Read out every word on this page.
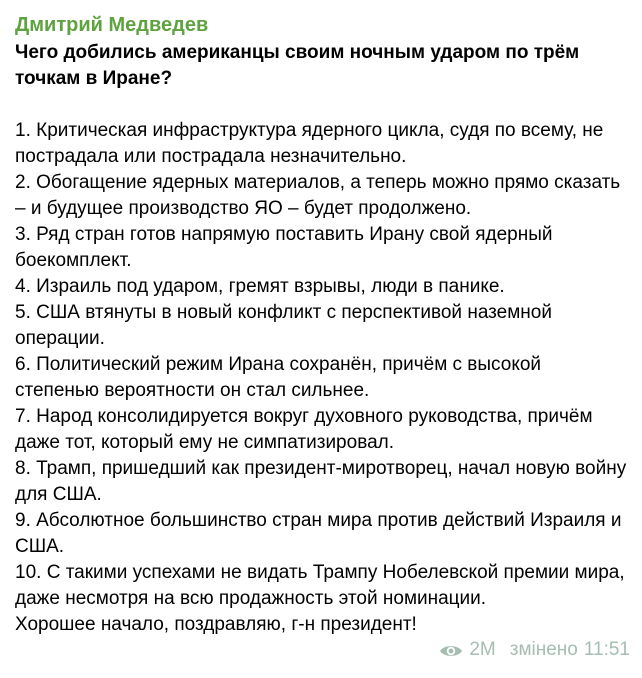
Дмитрий Медведев
Чего добились американцы своим ночным ударом по трём точкам в Иране?
1. Критическая инфраструктура ядерного цикла, судя по всему, не пострадала или пострадала незначительно.
2. Обогащение ядерных материалов, а теперь можно прямо сказать – и будущее производство ЯО – будет продолжено.
3. Ряд стран готов напрямую поставить Ирану свой ядерный боекомплект.
4. Израиль под ударом, гремят взрывы, люди в панике.
5. США втянуты в новый конфликт с перспективой наземной операции.
6. Политический режим Ирана сохранён, причём с высокой степенью вероятности он стал сильнее.
7. Народ консолидируется вокруг духовного руководства, причём даже тот, который ему не симпатизировал.
8. Трамп, пришедший как президент-миротворец, начал новую войну для США.
9. Абсолютное большинство стран мира против действий Израиля и США.
10. С такими успехами не видать Трампу Нобелевской премии мира, даже несмотря на всю продажность этой номинации.
Хорошее начало, поздравляю, г-н президент!
2M змінено 11:51
